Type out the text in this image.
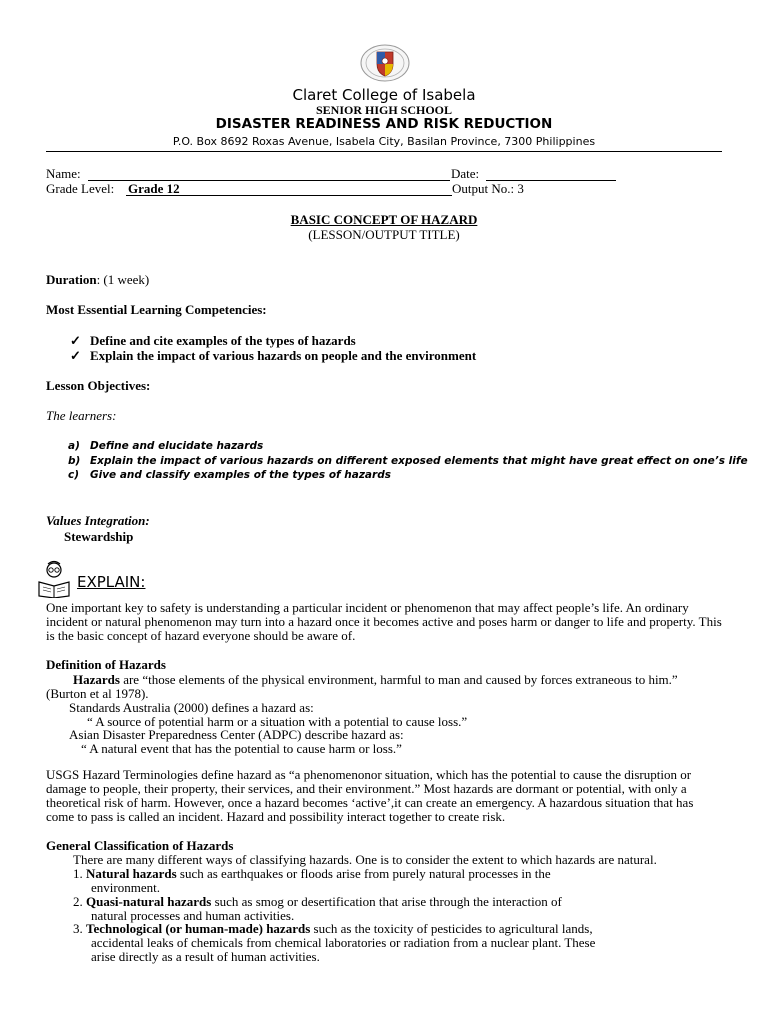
Claret College of Isabela
SENIOR HIGH SCHOOL
DISASTER READINESS AND RISK REDUCTION
P.O. Box 8692 Roxas Avenue, Isabela City, Basilan Province, 7300 Philippines
Name:	Date:
Grade Level: Grade 12	Output No.: 3
BASIC CONCEPT OF HAZARD
(LESSON/OUTPUT TITLE)
Duration: (1 week)
Most Essential Learning Competencies:
✓ Define and cite examples of the types of hazards
✓ Explain the impact of various hazards on people and the environment
Lesson Objectives:
The learners:
a) Define and elucidate hazards
b) Explain the impact of various hazards on different exposed elements that might have great effect on one’s life
c) Give and classify examples of the types of hazards
Values Integration:
Stewardship
EXPLAIN:

One important key to safety is understanding a particular incident or phenomenon that may affect people’s life. An ordinary incident or natural phenomenon may turn into a hazard once it becomes active and poses harm or danger to life and property. This is the basic concept of hazard everyone should be aware of.

Definition of Hazards
Hazards are “those elements of the physical environment, harmful to man and caused by forces extraneous to him.”
(Burton et al 1978).
Standards Australia (2000) defines a hazard as:
“ A source of potential harm or a situation with a potential to cause loss.”
Asian Disaster Preparedness Center (ADPC) describe hazard as:
“ A natural event that has the potential to cause harm or loss.”

USGS Hazard Terminologies define hazard as “a phenomenonor situation, which has the potential to cause the disruption or damage to people, their property, their services, and their environment.” Most hazards are dormant or potential, with only a theoretical risk of harm. However, once a hazard becomes ‘active’,it can create an emergency. A hazardous situation that has come to pass is called an incident. Hazard and possibility interact together to create risk.

General Classification of Hazards
There are many different ways of classifying hazards. One is to consider the extent to which hazards are natural.
1. Natural hazards such as earthquakes or floods arise from purely natural processes in the
environment.
2. Quasi-natural hazards such as smog or desertification that arise through the interaction of
natural processes and human activities.
3. Technological (or human-made) hazards such as the toxicity of pesticides to agricultural lands,
accidental leaks of chemicals from chemical laboratories or radiation from a nuclear plant. These
arise directly as a result of human activities.
